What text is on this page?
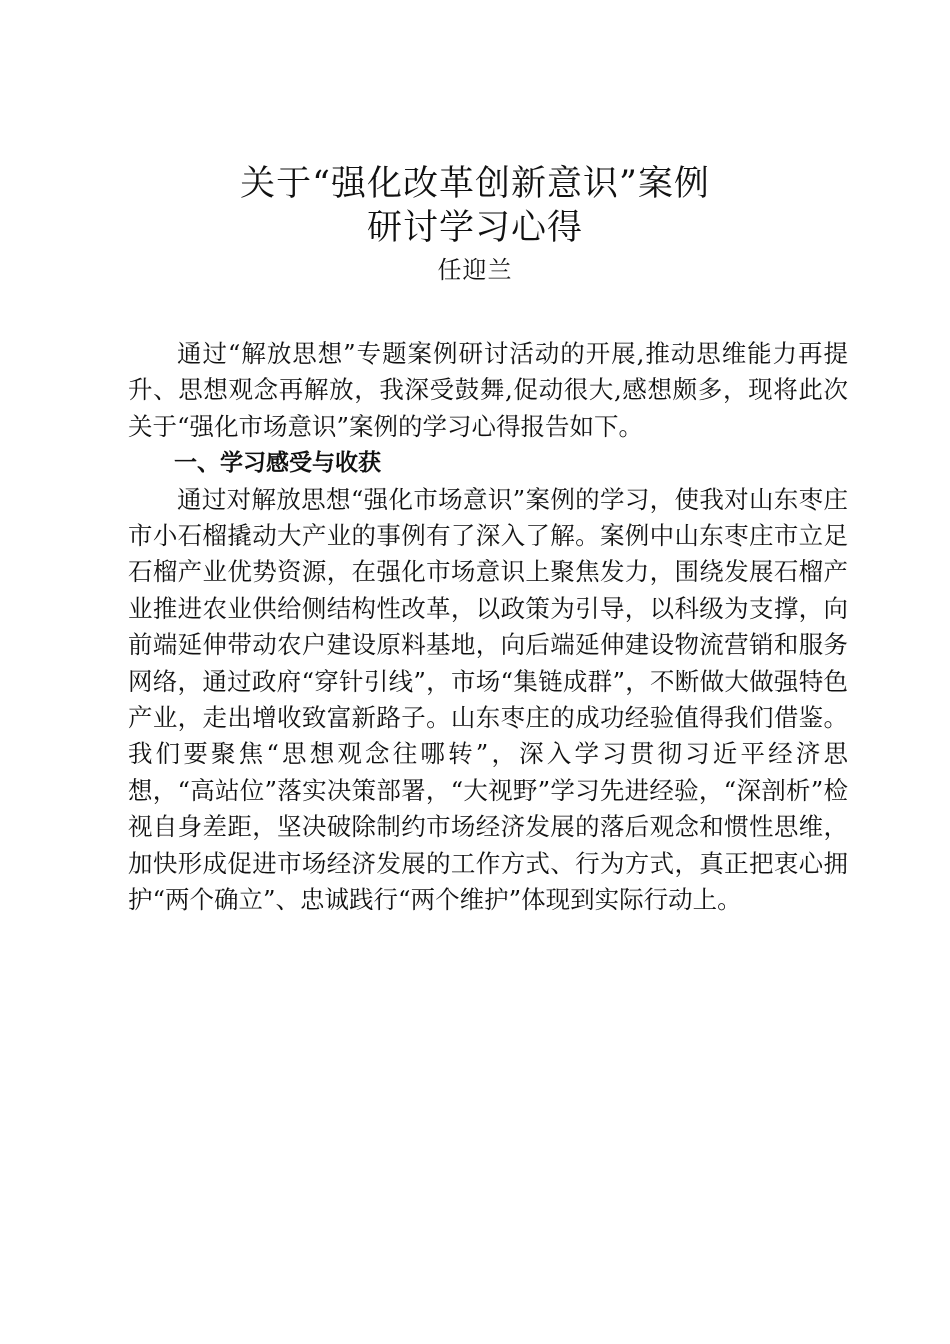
关于“强化改革创新意识”案例
研讨学习心得
任迎兰

通过“解放思想”专题案例研讨活动的开展,推动思维能力再提升、思想观念再解放，我深受鼓舞,促动很大,感想颇多，现将此次关于“强化市场意识”案例的学习心得报告如下。

一、学习感受与收获

通过对解放思想“强化市场意识”案例的学习，使我对山东枣庄市小石榴撬动大产业的事例有了深入了解。案例中山东枣庄市立足石榴产业优势资源，在强化市场意识上聚焦发力，围绕发展石榴产业推进农业供给侧结构性改革，以政策为引导，以科级为支撑，向前端延伸带动农户建设原料基地，向后端延伸建设物流营销和服务网络，通过政府“穿针引线”，市场“集链成群”，不断做大做强特色产业，走出增收致富新路子。山东枣庄的成功经验值得我们借鉴。我们要聚焦“思想观念往哪转”，深入学习贯彻习近平经济思想，“高站位”落实决策部署，“大视野”学习先进经验，“深剖析”检视自身差距，坚决破除制约市场经济发展的落后观念和惯性思维，加快形成促进市场经济发展的工作方式、行为方式，真正把衷心拥护“两个确立”、忠诚践行“两个维护”体现到实际行动上。
